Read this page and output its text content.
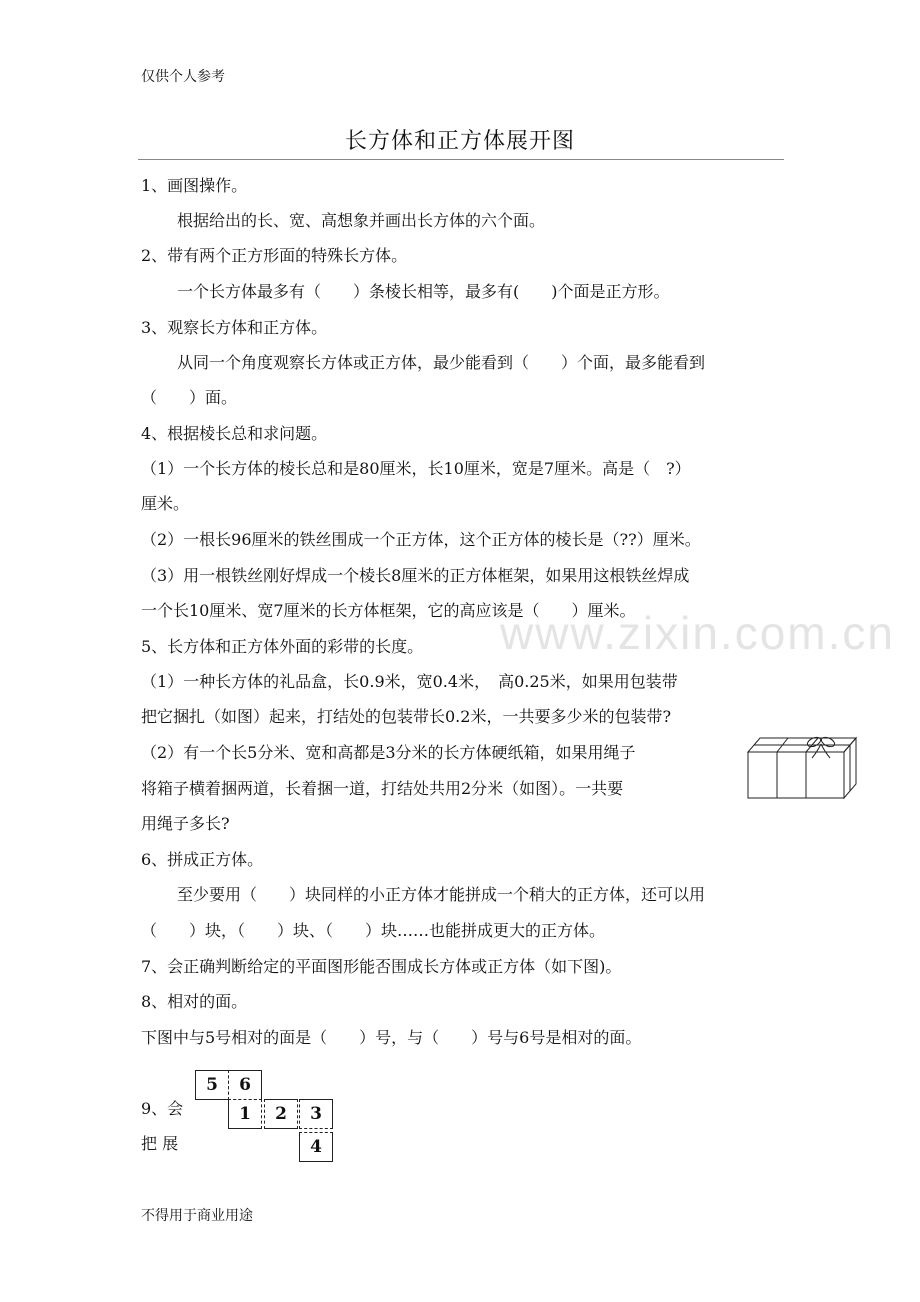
仅供个人参考
长方体和正方体展开图
www.zixin.com.cn
1、画图操作。
根据给出的长、宽、高想象并画出长方体的六个面。
2、带有两个正方形面的特殊长方体。
一个长方体最多有（　　）条棱长相等，最多有(　　)个面是正方形。
3、观察长方体和正方体。
从同一个角度观察长方体或正方体，最少能看到（　　）个面，最多能看到
（　　）面。
4、根据棱长总和求问题。
（1）一个长方体的棱长总和是80厘米，长10厘米，宽是7厘米。高是（　?）
厘米。
（2）一根长96厘米的铁丝围成一个正方体，这个正方体的棱长是（??）厘米。
（3）用一根铁丝刚好焊成一个棱长8厘米的正方体框架，如果用这根铁丝焊成
一个长10厘米、宽7厘米的长方体框架，它的高应该是（　　）厘米。
5、长方体和正方体外面的彩带的长度。
（1）一种长方体的礼品盒，长0.9米，宽0.4米，　高0.25米，如果用包装带
把它捆扎（如图）起来，打结处的包装带长0.2米，一共要多少米的包装带?
（2）有一个长5分米、宽和高都是3分米的长方体硬纸箱，如果用绳子
将箱子横着捆两道，长着捆一道，打结处共用2分米（如图）。一共要
用绳子多长?
6、拼成正方体。
至少要用（　　）块同样的小正方体才能拼成一个稍大的正方体，还可以用
（　　）块，（　　）块、（　　）块……也能拼成更大的正方体。
7、会正确判断给定的平面图形能否围成长方体或正方体（如下图)。
8、相对的面。
下图中与5号相对的面是（　　）号，与（　　）号与6号是相对的面。
9、会
把 展
5	6
1	2	3
4
不得用于商业用途
